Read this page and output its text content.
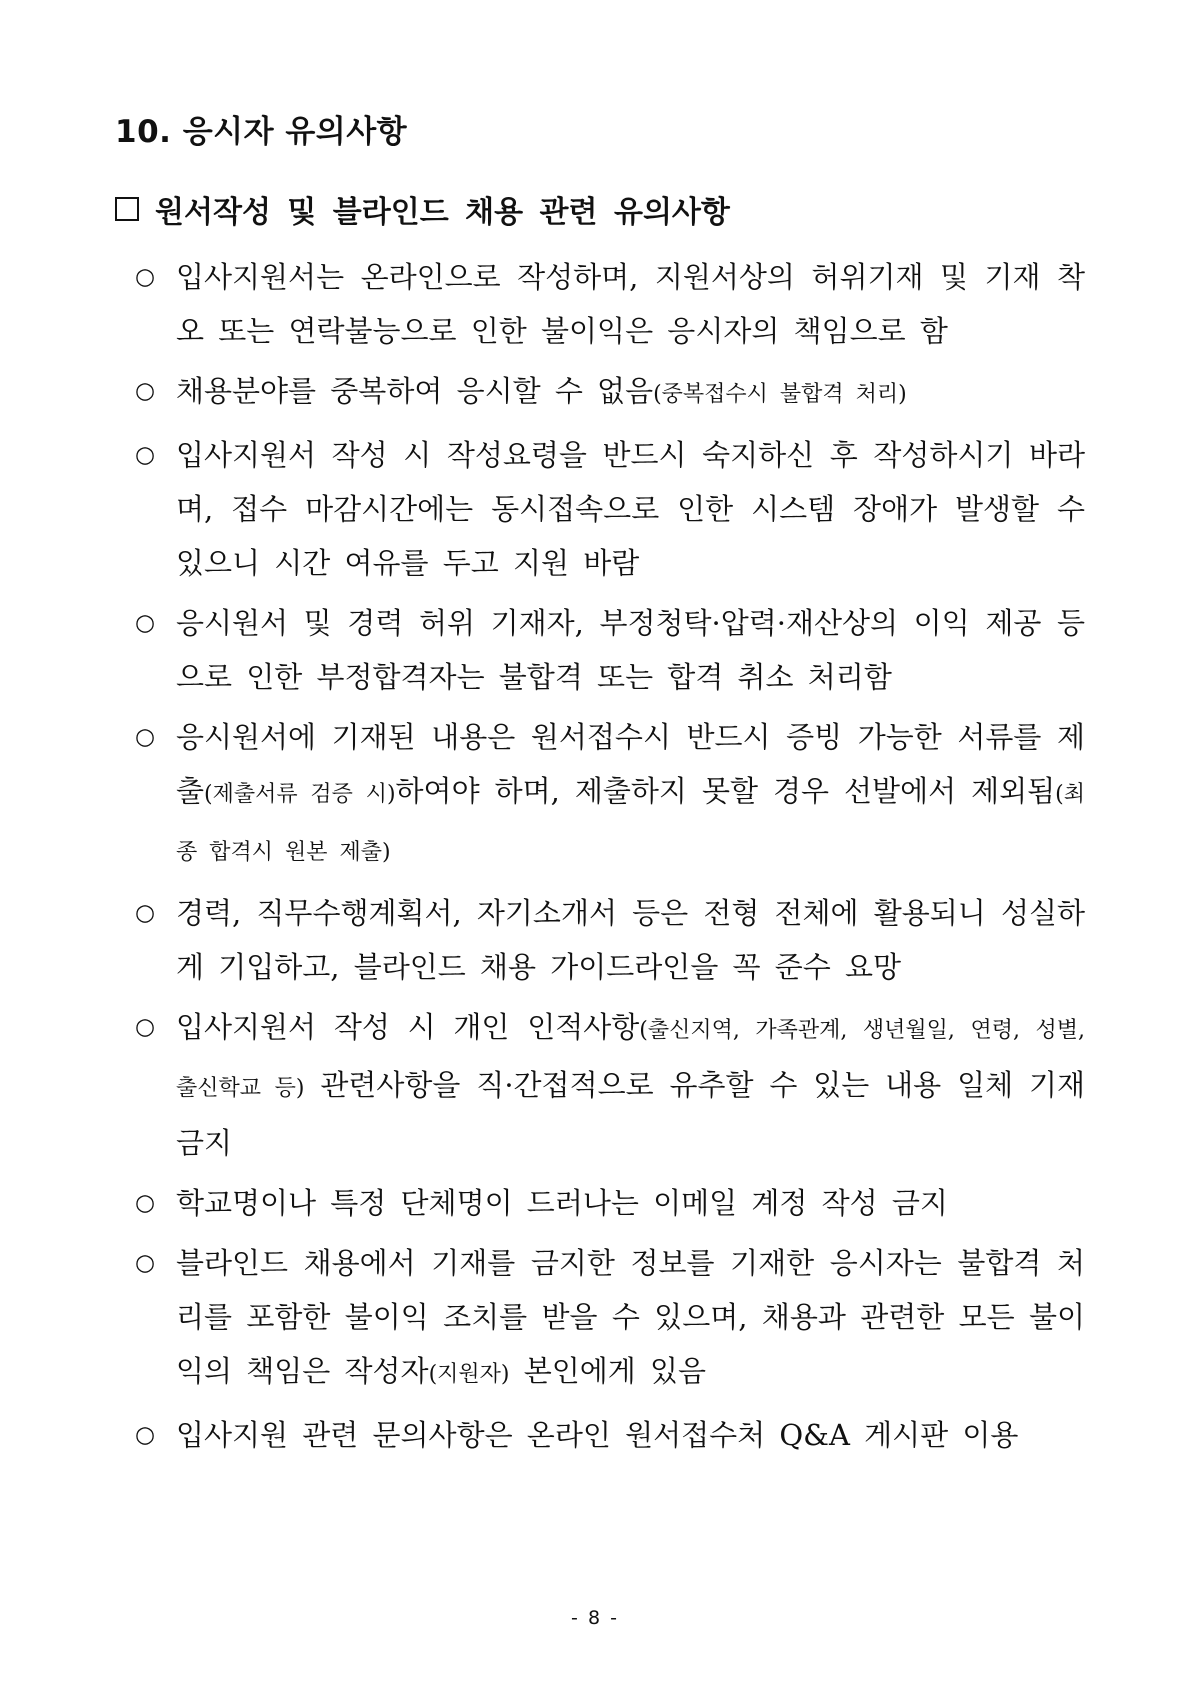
10. 응시자 유의사항
원서작성 및 블라인드 채용 관련 유의사항
○ 입사지원서는 온라인으로 작성하며, 지원서상의 허위기재 및 기재 착오 또는 연락불능으로 인한 불이익은 응시자의 책임으로 함
○ 채용분야를 중복하여 응시할 수 없음(중복접수시 불합격 처리)
○ 입사지원서 작성 시 작성요령을 반드시 숙지하신 후 작성하시기 바라며, 접수 마감시간에는 동시접속으로 인한 시스템 장애가 발생할 수 있으니 시간 여유를 두고 지원 바람
○ 응시원서 및 경력 허위 기재자, 부정청탁·압력·재산상의 이익 제공 등으로 인한 부정합격자는 불합격 또는 합격 취소 처리함
○ 응시원서에 기재된 내용은 원서접수시 반드시 증빙 가능한 서류를 제출(제출서류 검증 시)하여야 하며, 제출하지 못할 경우 선발에서 제외됨(최종 합격시 원본 제출)
○ 경력, 직무수행계획서, 자기소개서 등은 전형 전체에 활용되니 성실하게 기입하고, 블라인드 채용 가이드라인을 꼭 준수 요망
○ 입사지원서 작성 시 개인 인적사항(출신지역, 가족관계, 생년월일, 연령, 성별, 출신학교 등) 관련사항을 직·간접적으로 유추할 수 있는 내용 일체 기재 금지
○ 학교명이나 특정 단체명이 드러나는 이메일 계정 작성 금지
○ 블라인드 채용에서 기재를 금지한 정보를 기재한 응시자는 불합격 처리를 포함한 불이익 조치를 받을 수 있으며, 채용과 관련한 모든 불이익의 책임은 작성자(지원자) 본인에게 있음
○ 입사지원 관련 문의사항은 온라인 원서접수처 Q&A 게시판 이용
- 8 -
